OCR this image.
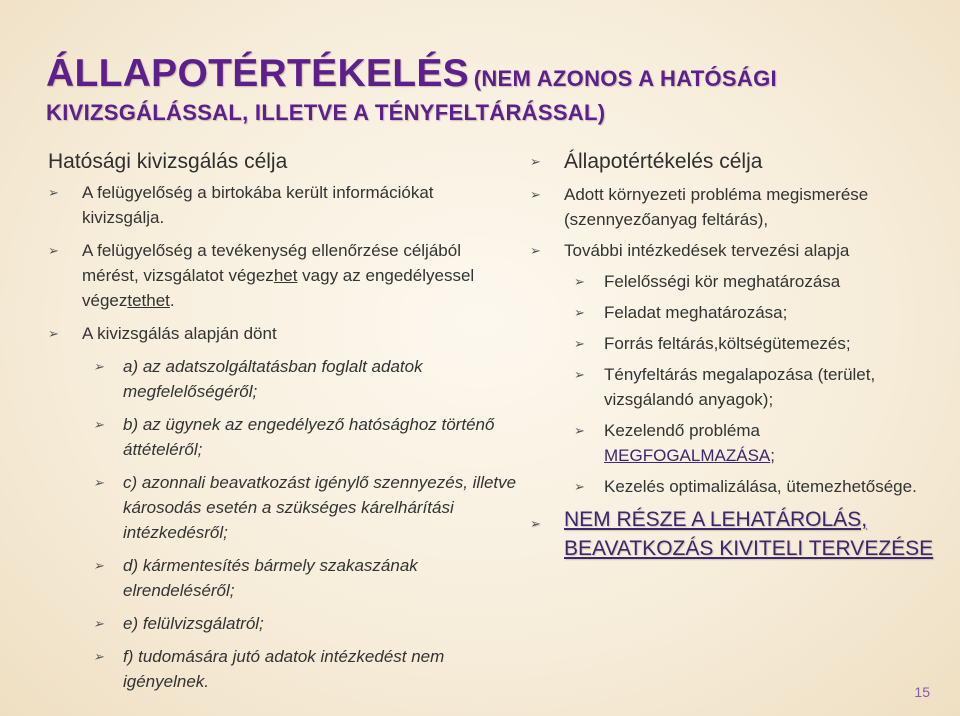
ÁLLAPOTÉRTÉKELÉS (NEM AZONOS A HATÓSÁGI
KIVIZSGÁLÁSSAL, ILLETVE A TÉNYFELTÁRÁSSAL)
Hatósági kivizsgálás célja
➢ A felügyelőség a birtokába került információkat kivizsgálja.
➢ A felügyelőség a tevékenység ellenőrzése céljából mérést, vizsgálatot végezhet vagy az engedélyessel végeztethet.
➢ A kivizsgálás alapján dönt
➢ a) az adatszolgáltatásban foglalt adatok megfelelőségéről;
➢ b) az ügynek az engedélyező hatósághoz történő áttételéről;
➢ c) azonnali beavatkozást igénylő szennyezés, illetve károsodás esetén a szükséges kárelhárítási intézkedésről;
➢ d) kármentesítés bármely szakaszának elrendeléséről;
➢ e) felülvizsgálatról;
➢ f) tudomására jutó adatok intézkedést nem igényelnek.
➢ Állapotértékelés célja
➢ Adott környezeti probléma megismerése (szennyezőanyag feltárás),
➢ További intézkedések tervezési alapja
➢ Felelősségi kör meghatározása
➢ Feladat meghatározása;
➢ Forrás feltárás,költségütemezés;
➢ Tényfeltárás megalapozása (terület, vizsgálandó anyagok);
➢ Kezelendő probléma
MEGFOGALMAZÁSA;
➢ Kezelés optimalizálása, ütemezhetősége.
➢ NEM RÉSZE A LEHATÁROLÁS, BEAVATKOZÁS KIVITELI TERVEZÉSE
15
